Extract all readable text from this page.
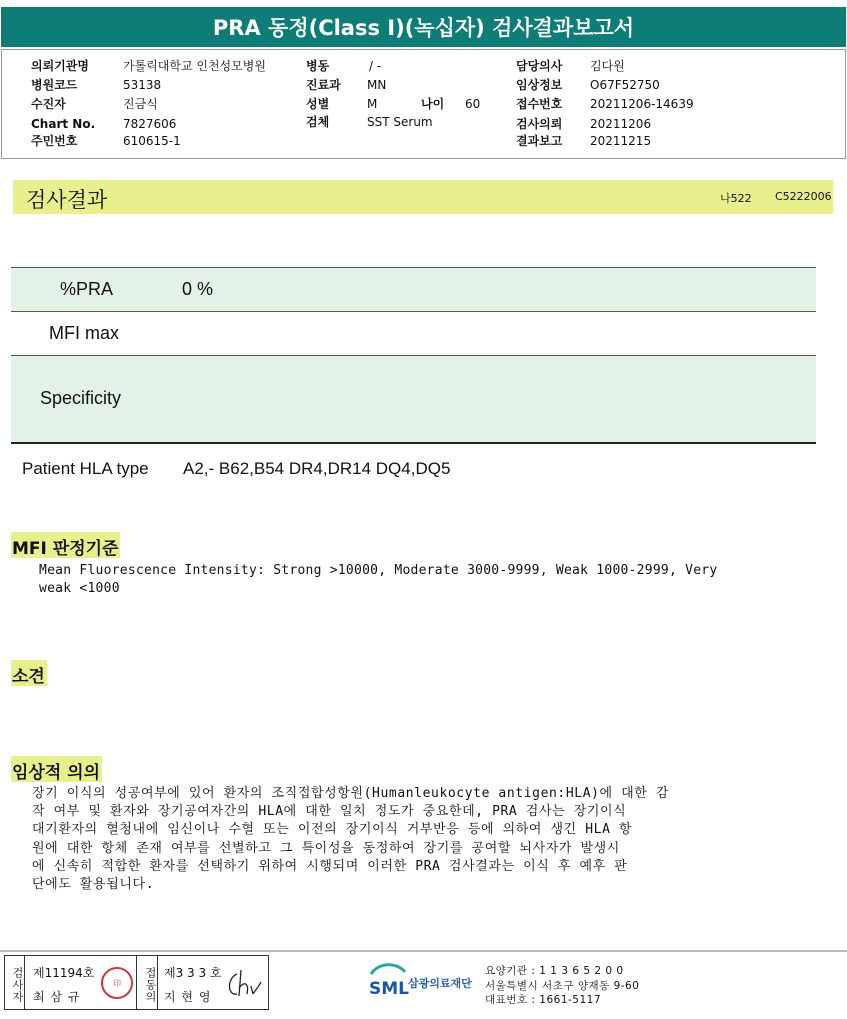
PRA 동정(Class I)(녹십자) 검사결과보고서
의뢰기관명	가톨릭대학교 인천성모병원
병원코드	53138
수진자	진금식
Chart No. 7827606
주민번호	610615-1
병동	/ -
진료과 MN
성별	M	나이 60
검체	SST Serum
담당의사 김다원
임상정보 O67F52750
접수번호 20211206-14639
검사의뢰 20211206
결과보고 20211215
검사결과	나522 C5222006
%PRA	0 %
MFI max
Specificity
Patient HLA type A2,- B62,B54 DR4,DR14 DQ4,DQ5
MFI 판정기준
Mean Fluorescence Intensity: Strong >10000, Moderate 3000-9999, Weak 1000-2999, Very
weak <1000
소견
임상적 의의
장기 이식의 성공여부에 있어 환자의 조직접합성항원(Humanleukocyte antigen:HLA)에 대한 감
작 여부 및 환자와 장기공여자간의 HLA에 대한 일치 정도가 중요한데, PRA 검사는 장기이식
대기환자의 혈청내에 임신이나 수혈 또는 이전의 장기이식 거부반응 등에 의하여 생긴 HLA 항
원에 대한 항체 존재 여부를 선별하고 그 특이성을 동정하여 장기를 공여할 뇌사자가 발생시
에 신속히 적합한 환자를 선택하기 위하여 시행되며 이러한 PRA 검사결과는 이식 후 예후 판
단에도 활용됩니다.
검사자 제11194호
최 삼 규
印	접동의 제3 3 3 호
지 현 영	SML 삼광의료재단
요양기관 : 1 1 3 6 5 2 0 0
서울특별시 서초구 양재동 9-60
대표번호 : 1661-5117
